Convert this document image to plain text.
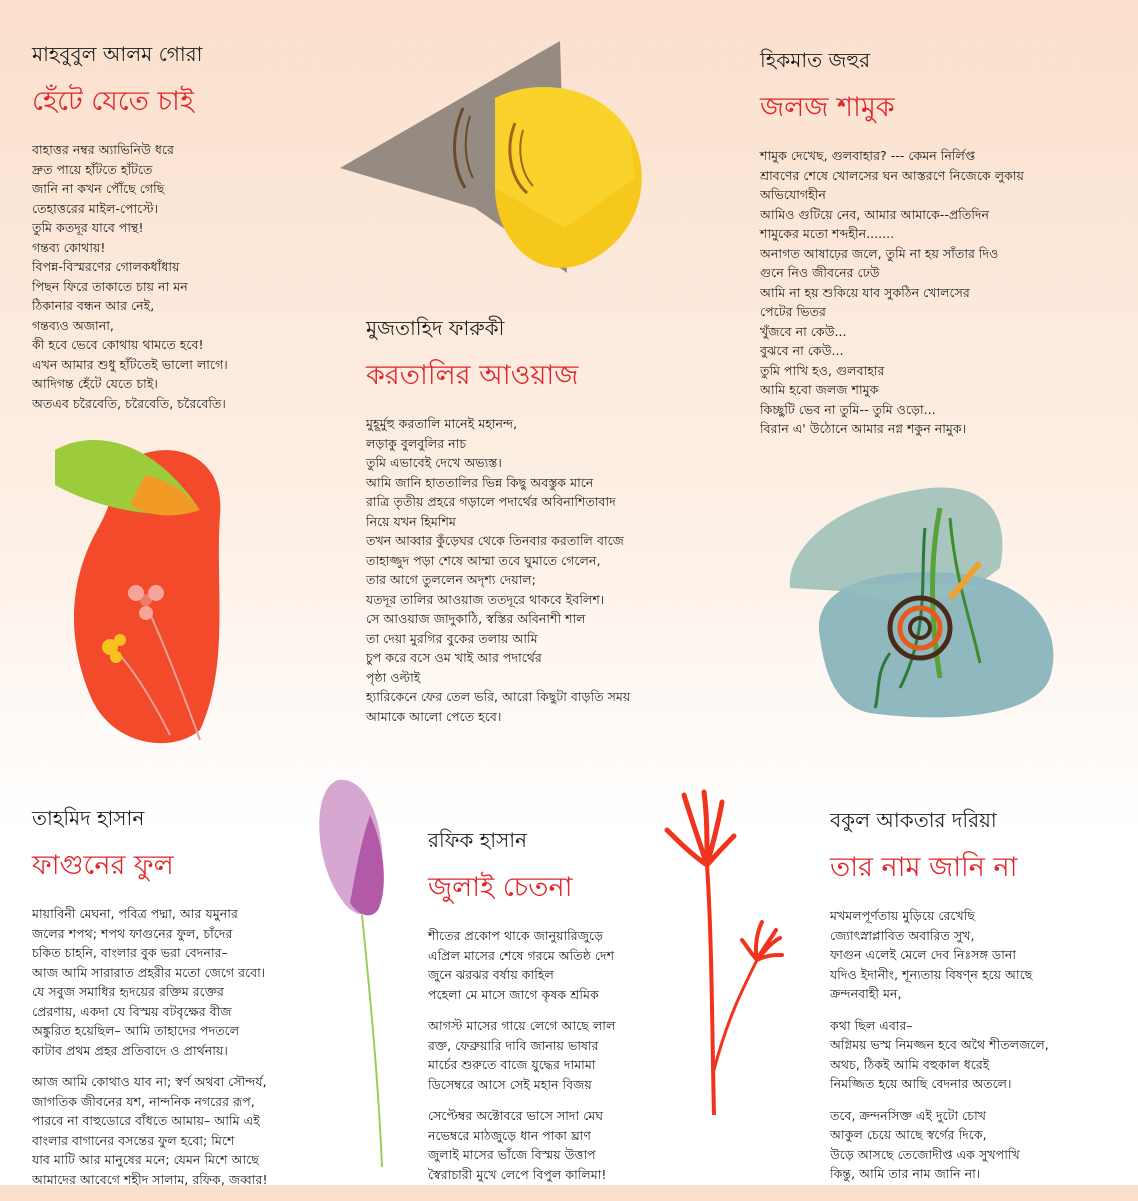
মাহবুবুল আলম গোরা
হেঁটে যেতে চাই
বাহাত্তর নম্বর অ্যাভিনিউ ধরে
দ্রুত পায়ে হাঁটতে হাঁটতে
জানি না কখন পৌঁছে গেছি
তেহাত্তরের মাইল-পোস্টে।
তুমি কতদূর যাবে পান্থ!
গন্তব্য কোথায়!
বিপন্ন-বিস্মরণের গোলকধাঁধায়
পিছন ফিরে তাকাতে চায় না মন
ঠিকানার বন্ধন আর নেই,
গন্তব্যও অজানা,
কী হবে ভেবে কোথায় থামতে হবে!
এখন আমার শুধু হাঁটতেই ভালো লাগে।
আদিগন্ত হেঁটে যেতে চাই।
অতএব চরৈবেতি, চরৈবেতি, চরৈবেতি।
হিকমাত জহুর
জলজ শামুক
শামুক দেখেছ, গুলবাহার? --- কেমন নির্লিপ্ত
শ্রাবণের শেষে খোলসের ঘন আস্তরণে নিজেকে লুকায়
অভিযোগহীন
আমিও গুটিয়ে নেব, আমার আমাকে--প্রতিদিন
শামুকের মতো শব্দহীন.......
অনাগত আষাঢ়ের জলে, তুমি না হয় সাঁতার দিও
গুনে নিও জীবনের ঢেউ
আমি না হয় শুকিয়ে যাব সুকঠিন খোলসের
পেটের ভিতর
খুঁজবে না কেউ...
বুঝবে না কেউ...
তুমি পাখি হও, গুলবাহার
আমি হবো জলজ শামুক
কিচ্ছুটি ভেব না তুমি-- তুমি ওড়ো...
বিরান এ' উঠোনে আমার নগ্ন শকুন নামুক।
মুজতাহিদ ফারুকী
করতালির আওয়াজ
মুহূর্মুহু করতালি মানেই মহানন্দ,
লড়াকু বুলবুলির নাচ
তুমি এভাবেই দেখে অভ্যস্ত।
আমি জানি হাততালির ভিন্ন কিছু অবস্তুক মানে
রাত্রি তৃতীয় প্রহরে গড়ালে পদার্থের অবিনাশিতাবাদ
নিয়ে যখন হিমশিম
তখন আব্বার কুঁড়েঘর থেকে তিনবার করতালি বাজে
তাহাজ্জুদ পড়া শেষে আম্মা তবে ঘুমাতে গেলেন,
তার আগে তুললেন অদৃশ্য দেয়াল;
যতদূর তালির আওয়াজ ততদূরে থাকবে ইবলিশ।
সে আওয়াজ জাদুকাঠি, স্বস্তির অবিনাশী শাল
তা দেয়া মুরগির বুকের তলায় আমি
চুপ করে বসে ওম খাই আর পদার্থের
পৃষ্ঠা ওল্টাই
হ্যারিকেনে ফের তেল ভরি, আরো কিছুটা বাড়তি সময়
আমাকে আলো পেতে হবে।
তাহমিদ হাসান
ফাগুনের ফুল
মায়াবিনী মেঘনা, পবিত্র পদ্মা, আর যমুনার
জলের শপথ; শপথ ফাগুনের ফুল, চাঁদের
চকিত চাহনি, বাংলার বুক ভরা বেদনার–
আজ আমি সারারাত প্রহরীর মতো জেগে রবো।
যে সবুজ সমাধির হৃদয়ের রক্তিম রক্তের
প্রেরণায়, একদা যে বিস্ময় বটবৃক্ষের বীজ
অঙ্কুরিত হয়েছিল– আমি তাহাদের পদতলে
কাটাব প্রথম প্রহর প্রতিবাদে ও প্রার্থনায়।
আজ আমি কোথাও যাব না; স্বর্ণ অথবা সৌন্দর্য,
জাগতিক জীবনের যশ, নান্দনিক নগরের রূপ,
পারবে না বাহুডোরে বাঁধতে আমায়– আমি এই
বাংলার বাগানের বসন্তের ফুল হবো; মিশে
যাব মাটি আর মানুষের মনে; যেমন মিশে আছে
আমাদের আবেগে শহীদ সালাম, রফিক, জব্বার!
রফিক হাসান
জুলাই চেতনা
শীতের প্রকোপ থাকে জানুয়ারিজুড়ে
এপ্রিল মাসের শেষে গরমে অতিষ্ঠ দেশ
জুনে ঝরঝর বর্ষায় কাহিল
পহেলা মে মাসে জাগে কৃষক শ্রমিক
আগস্ট মাসের গায়ে লেগে আছে লাল
রক্ত, ফেব্রুয়ারি দাবি জানায় ভাষার
মার্চের শুরুতে বাজে যুদ্ধের দামামা
ডিসেম্বরে আসে সেই মহান বিজয়
সেপ্টেম্বর অক্টোবরে ভাসে সাদা মেঘ
নভেম্বরে মাঠজুড়ে ধান পাকা ঘ্রাণ
জুলাই মাসের ভাঁজে বিস্ময় উত্তাপ
স্বৈরাচারী মুখে লেপে বিপুল কালিমা!
বকুল আকতার দরিয়া
তার নাম জানি না
মখমলপূর্ণতায় মুড়িয়ে রেখেছি
জ্যোৎস্নাপ্লাবিত অবারিত সুখ,
ফাগুন এলেই মেলে দেব নিঃসঙ্গ ডানা
যদিও ইদানীং, শূন্যতায় বিষণ্ন হয়ে আছে
ক্রন্দনবাহী মন,
কথা ছিল এবার–
অগ্নিময় ভস্ম নিমজ্জন হবে অথৈ শীতলজলে,
অথচ, ঠিকই আমি বহুকাল ধরেই
নিমজ্জিত হয়ে আছি বেদনার অতলে।
তবে, ক্রন্দনসিক্ত এই দুটো চোখ
আকুল চেয়ে আছে স্বর্গের দিকে,
উড়ে আসছে তেজোদীপ্ত এক সুখপাখি
কিন্তু, আমি তার নাম জানি না।
